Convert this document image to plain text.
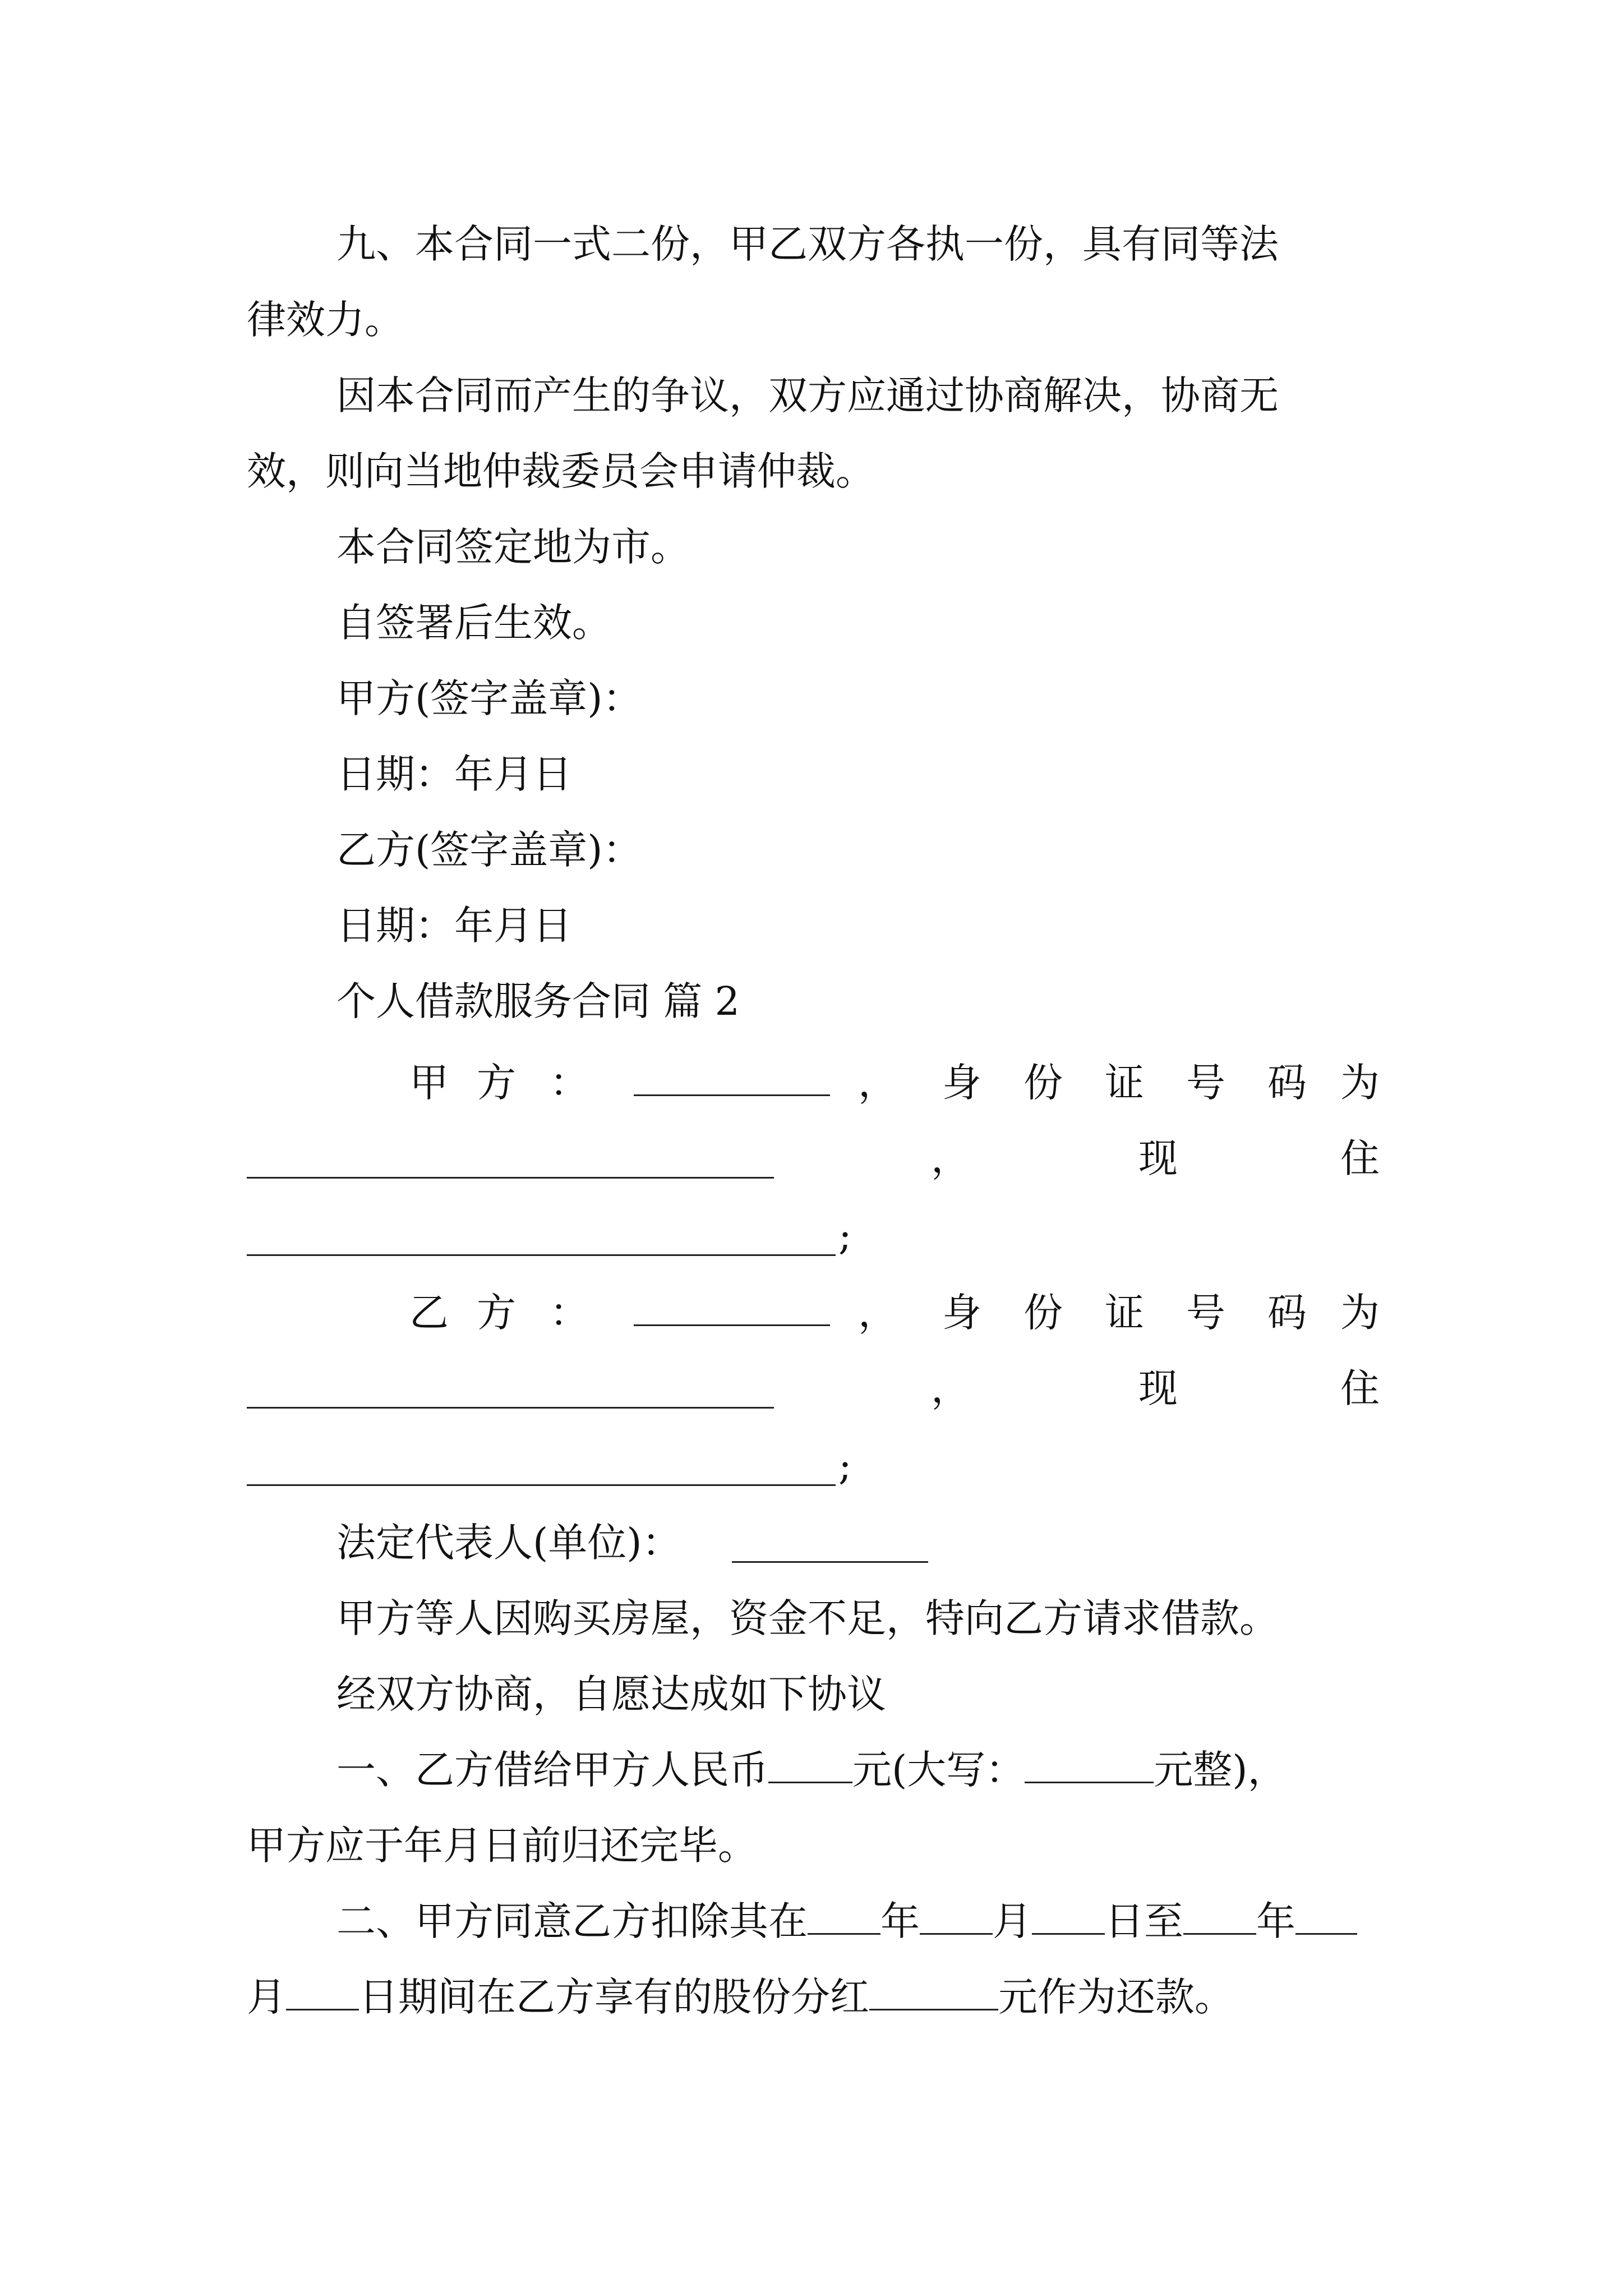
九、本合同一式二份，甲乙双方各执一份，具有同等法
律效力。
因本合同而产生的争议，双方应通过协商解决，协商无
效，则向当地仲裁委员会申请仲裁。
本合同签定地为市。
自签署后生效。
甲方(签字盖章)：
日期：年月日
乙方(签字盖章)：
日期：年月日
个人借款服务合同 篇 2
甲 方 ：	， 身 份 证 号 码 为
，	现	住
;
乙 方 ：	， 身 份 证 号 码 为
，	现	住
;
法定代表人(单位)：
甲方等人因购买房屋，资金不足，特向乙方请求借款。
经双方协商，自愿达成如下协议
一、乙方借给甲方人民币 元(大写：	元整)，
甲方应于年月日前归还完毕。
二、甲方同意乙方扣除其在 年 月 日至 年
月 日期间在乙方享有的股份分红	元作为还款。
